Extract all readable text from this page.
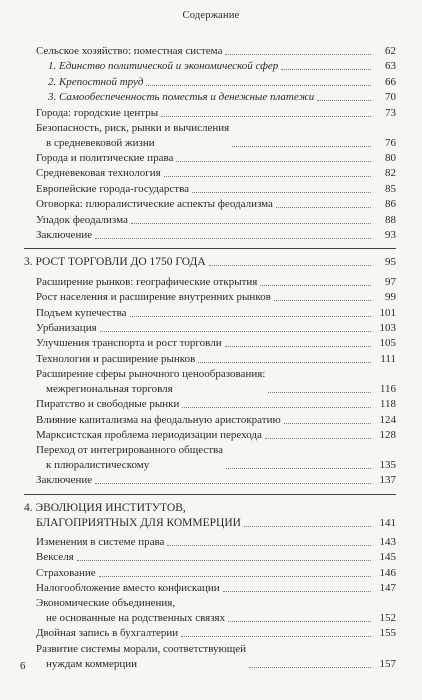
Содержание
Сельское хозяйство: поместная система	62
1. Единство политической и экономической сфер	63
2. Крепостной труд	66
3. Самообеспеченность поместья и денежные платежи	70
Города: городские центры	73
Безопасность, риск, рынки и вычисления
в средневековой жизни	76
Города и политические права	80
Средневековая технология	82
Европейские города-государства	85
Оговорка: плюралистические аспекты феодализма	86
Упадок феодализма	88
Заключение	93
3. РОСТ ТОРГОВЛИ ДО 1750 ГОДА	95
Расширение рынков: географические открытия	97
Рост населения и расширение внутренних рынков	99
Подъем купечества	101
Урбанизация	103
Улучшения транспорта и рост торговли	105
Технология и расширение рынков	111
Расширение сферы рыночного ценообразования:
межрегиональная торговля	116
Пиратство и свободные рынки	118
Влияние капитализма на феодальную аристократию	124
Марксистская проблема периодизации перехода	128
Переход от интегрированного общества
к плюралистическому	135
Заключение	137
4. ЭВОЛЮЦИЯ ИНСТИТУТОВ,
БЛАГОПРИЯТНЫХ ДЛЯ КОММЕРЦИИ	141
Изменения в системе права	143
Векселя	145
Страхование	146
Налогообложение вместо конфискации	147
Экономические объединения,
не основанные на родственных связях	152
Двойная запись в бухгалтерии	155
Развитие системы морали, соответствующей
нуждам коммерции	157
6
